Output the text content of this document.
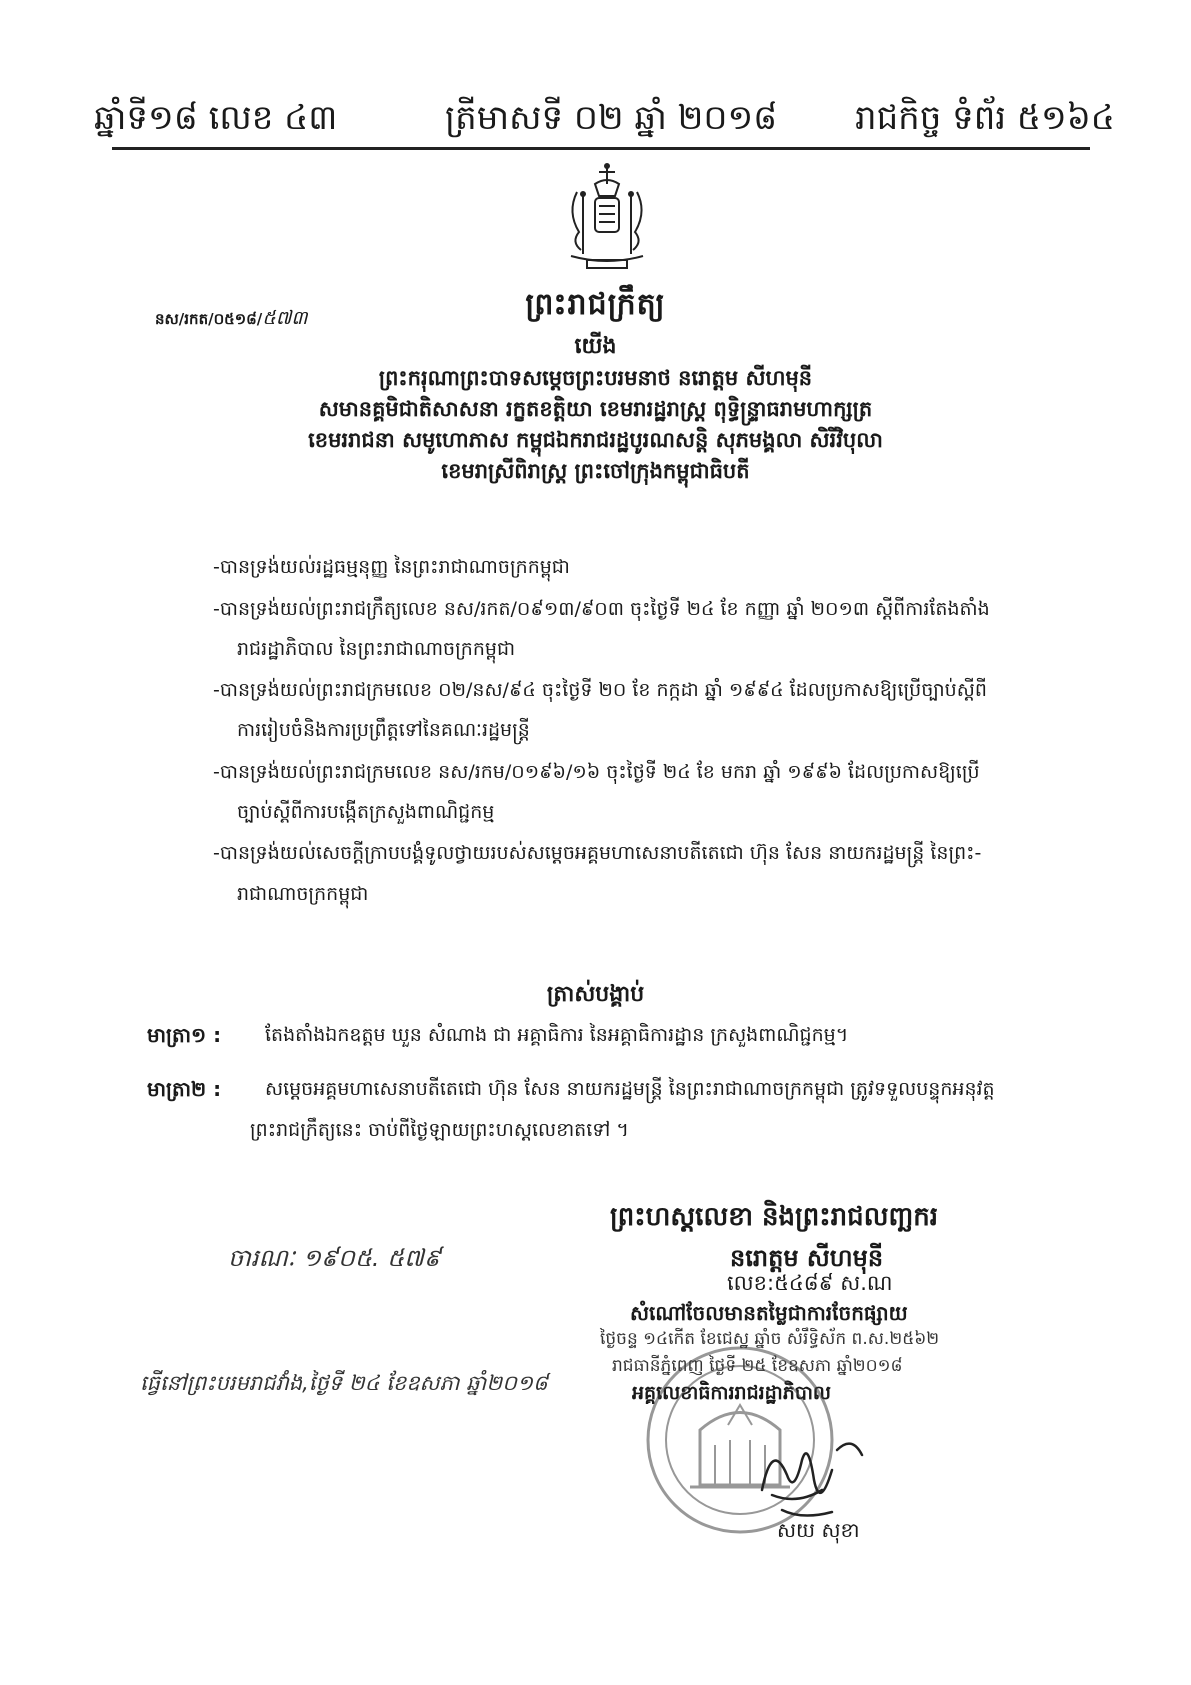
ឆ្នាំទី១៨ លេខ ៤៣	ត្រីមាសទី ០២ ឆ្នាំ ២០១៨ រាជកិច្ច ទំព័រ ៥១៦៤
ព្រះរាជក្រឹត្យ
នស/រកត/០៥១៨/៥៧៣
យើង
ព្រះករុណាព្រះបាទសម្តេចព្រះបរមនាថ នរោត្តម សីហមុនី
សមានគ្គមិជាតិសាសនា រក្ខតខត្តិយា ខេមរារដ្ឋរាស្ត្រ ពុទ្ធិន្ទ្រាធរាមហាក្សត្រ
ខេមររាជនា សមូហោភាស កម្ពុជឯករាជរដ្ឋបូរណសន្តិ សុភមង្គលា សិរីវិបុលា
ខេមរាស្រីពិរាស្ត្រ ព្រះចៅក្រុងកម្ពុជាធិបតី
-បានទ្រង់យល់រដ្ឋធម្មនុញ្ញ នៃព្រះរាជាណាចក្រកម្ពុជា
-បានទ្រង់យល់ព្រះរាជក្រឹត្យលេខ នស/រកត/០៩១៣/៩០៣ ចុះថ្ងៃទី ២៤ ខែ កញ្ញា ឆ្នាំ ២០១៣ ស្តីពីការតែងតាំង
រាជរដ្ឋាភិបាល នៃព្រះរាជាណាចក្រកម្ពុជា
-បានទ្រង់យល់ព្រះរាជក្រមលេខ ០២/នស/៩៤ ចុះថ្ងៃទី ២០ ខែ កក្កដា ឆ្នាំ ១៩៩៤ ដែលប្រកាសឱ្យប្រើច្បាប់ស្តីពី
ការរៀបចំនិងការប្រព្រឹត្តទៅនៃគណៈរដ្ឋមន្ត្រី
-បានទ្រង់យល់ព្រះរាជក្រមលេខ នស/រកម/០១៩៦/១៦ ចុះថ្ងៃទី ២៤ ខែ មករា ឆ្នាំ ១៩៩៦ ដែលប្រកាសឱ្យប្រើ
ច្បាប់ស្តីពីការបង្កើតក្រសួងពាណិជ្ជកម្ម
-បានទ្រង់យល់សេចក្តីក្រាបបង្គំទូលថ្វាយរបស់សម្តេចអគ្គមហាសេនាបតីតេជោ ហ៊ុន សែន នាយករដ្ឋមន្ត្រី នៃព្រះ-
រាជាណាចក្រកម្ពុជា
ត្រាស់បង្គាប់
មាត្រា១ : តែងតាំងឯកឧត្តម ឃួន សំណាង ជា អគ្គាធិការ នៃអគ្គាធិការដ្ឋាន ក្រសួងពាណិជ្ជកម្ម។
មាត្រា២ : សម្តេចអគ្គមហាសេនាបតីតេជោ ហ៊ុន សែន នាយករដ្ឋមន្ត្រី នៃព្រះរាជាណាចក្រកម្ពុជា ត្រូវទទួលបន្ទុកអនុវត្ត
ព្រះរាជក្រឹត្យនេះ ចាប់ពីថ្ងៃឡាយព្រះហស្តលេខាតទៅ ។
ព្រះហស្តលេខា និងព្រះរាជលញ្ឆករ
នរោត្តម សីហមុនី
ចារណៈ ១៩០៥. ៥៧៩
លេខ:៥៤៨៩ ស.ណ
សំណៅចែលមានតម្លៃជាការចែកផ្សាយ
ថ្ងៃចន្ទ ១៤កើត ខែជេស្ឋ ឆ្នាំច សំរឹទ្ធិស័ក ព.ស.២៥៦២
រាជធានីភ្នំពេញ ថ្ងៃទី ២៥ ខែឧសភា ឆ្នាំ២០១៨
អគ្គលេខាធិការរាជរដ្ឋាភិបាល
ធ្វើនៅព្រះបរមរាជវាំង,ថ្ងៃទី ២៤ ខែឧសភា ឆ្នាំ២០១៨
សយ សុខា
